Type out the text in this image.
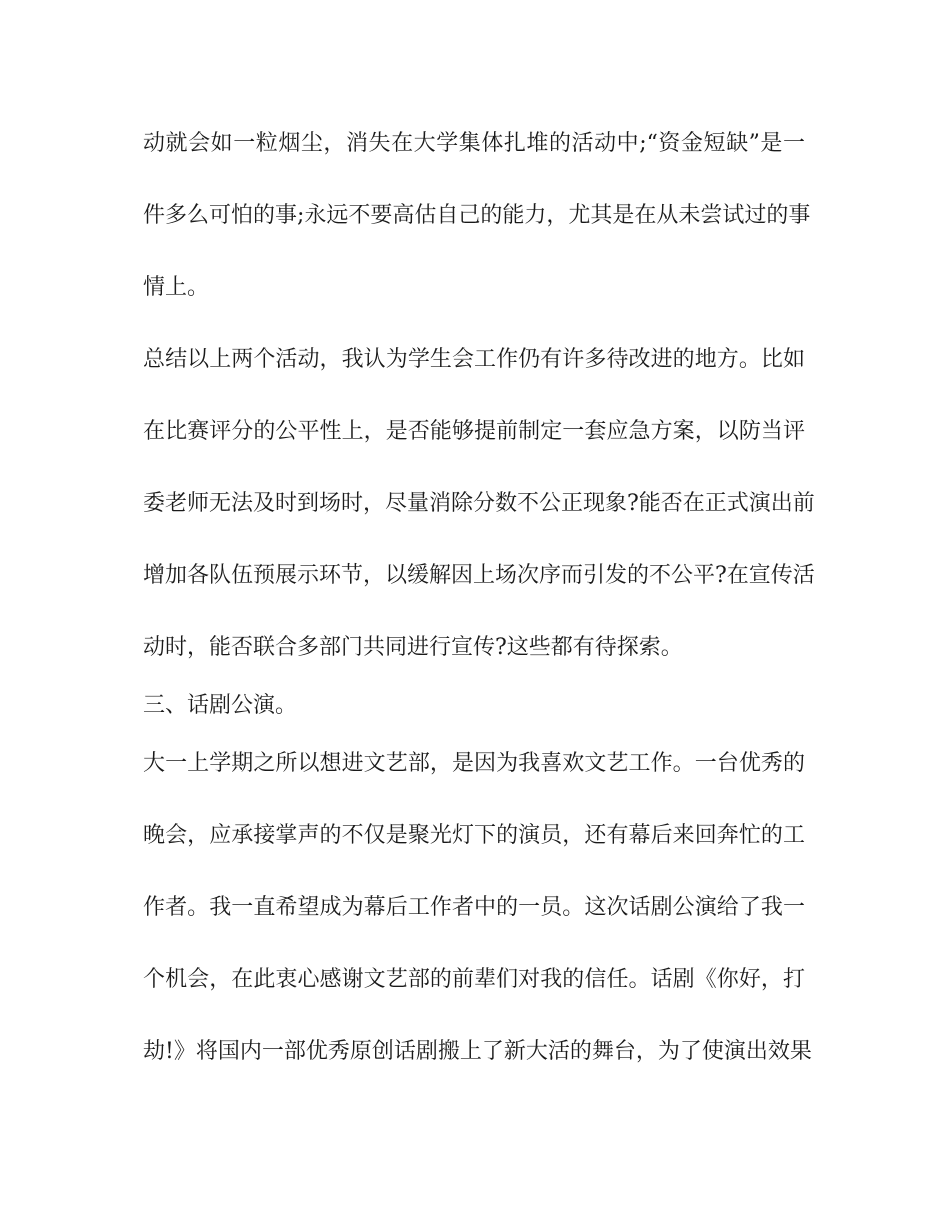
动就会如一粒烟尘，消失在大学集体扎堆的活动中;“资金短缺”是一
件多么可怕的事;永远不要高估自己的能力，尤其是在从未尝试过的事
情上。
总结以上两个活动，我认为学生会工作仍有许多待改进的地方。比如
在比赛评分的公平性上，是否能够提前制定一套应急方案，以防当评
委老师无法及时到场时，尽量消除分数不公正现象?能否在正式演出前
增加各队伍预展示环节，以缓解因上场次序而引发的不公平?在宣传活
动时，能否联合多部门共同进行宣传?这些都有待探索。
三、话剧公演。
大一上学期之所以想进文艺部，是因为我喜欢文艺工作。一台优秀的
晚会，应承接掌声的不仅是聚光灯下的演员，还有幕后来回奔忙的工
作者。我一直希望成为幕后工作者中的一员。这次话剧公演给了我一
个机会，在此衷心感谢文艺部的前辈们对我的信任。话剧《你好，打
劫!》将国内一部优秀原创话剧搬上了新大活的舞台，为了使演出效果
